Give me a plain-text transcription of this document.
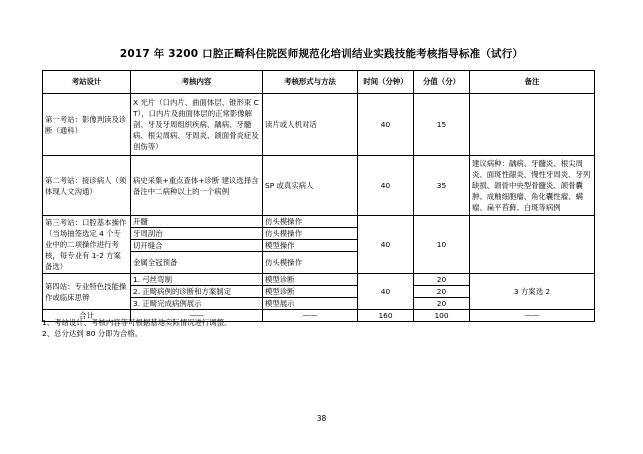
2017 年 3200 口腔正畸科住院医师规范化培训结业实践技能考核指导标准（试行）
考站设计	考核内容	考核形式与方法	时间（分钟）	分值（分）	备注
第一考站：影像判读及诊断（通科）	X 光片（口内片、曲面体层、锥形束 CT），口内片及曲面体层的正常影像解剖、牙及牙周组织疾病、龋病、牙髓病、根尖周病、牙周炎、颌面骨炎症及创伤等）	读片或人机对话	40	15	
第二考站：接诊病人（须体现人文沟通）	病史采集+重点查体+诊断 建议选择含备注中二病种以上的一个病例	SP 或真实病人	40	35	建议病种：龋病、牙髓炎、根尖周炎、面斑性龈炎、慢性牙周炎、牙列缺损、颌骨中央型骨髓炎、颌骨囊肿、成釉细胞瘤、角化囊性瘤、螨瘤、扁平苔藓、白斑等病例
第三考站：口腔基本操作（当场抽签选定 4 个专业中的二项操作进行考核，每专业有 1-2 方案备选）	开髓	仿头模操作	40	10	
	牙周刮治	仿头模操作			
	切开缝合	模型操作			
	金属全冠预备	仿头模操作			
第四站：专业特色技能操作或临床思辨	1. 弓丝弯制	模型诊断	40	20	3 方案选 2
	2. 正畸病例的诊断和方案制定	模型诊断		20	
	3. 正畸完成病例展示	模型展示		20	
合计	——	——	160	100	——
1、考站设计、考核内容等可根据基地实际情况进行调整。
2、总分达到 80 分即为合格。
38
